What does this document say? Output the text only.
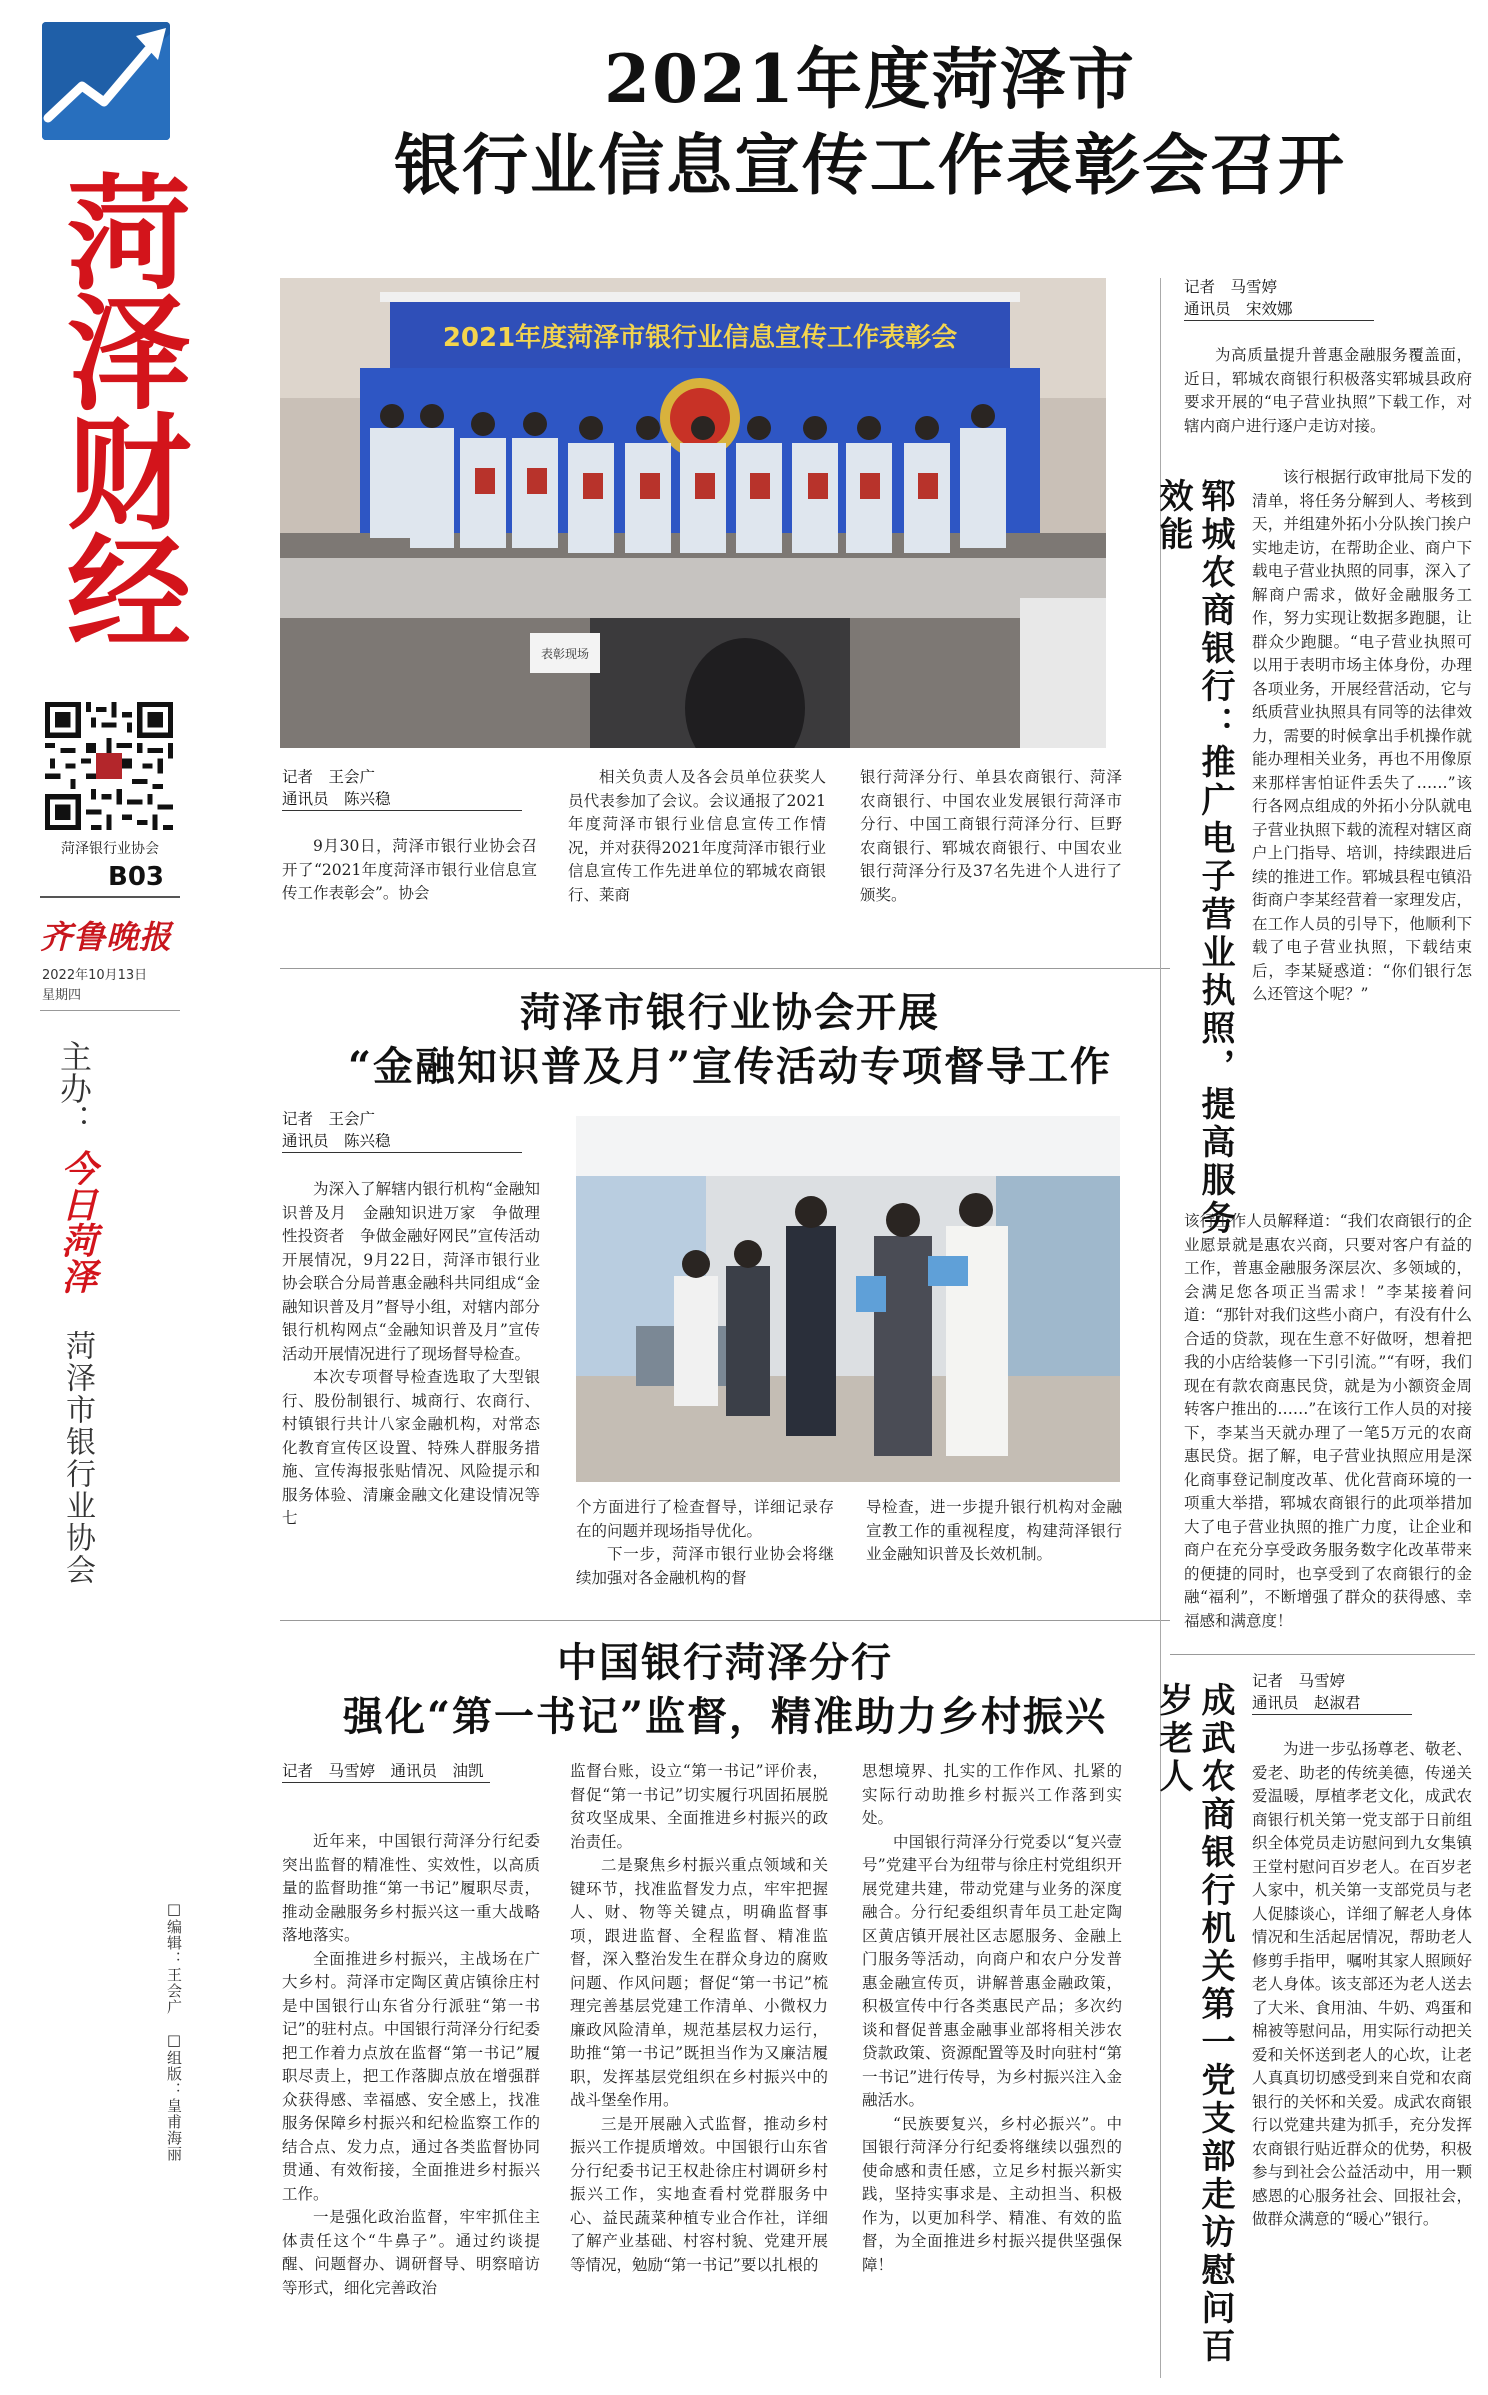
菏泽财经
菏泽银行业协会
B03
齐鲁晚报
2022年10月13日
星期四
主办：
今日菏泽
菏泽市银行业协会
2021年度菏泽市
银行业信息宣传工作表彰会召开
2021年度菏泽市银行业信息宣传工作表彰会
表彰现场
记者　王会广
通讯员　陈兴稳

9月30日，菏泽市银行业协会召开了“2021年度菏泽市银行业信息宣传工作表彰会”。协会

相关负责人及各会员单位获奖人员代表参加了会议。会议通报了2021年度菏泽市银行业信息宣传工作情况，并对获得2021年度菏泽市银行业信息宣传工作先进单位的郓城农商银行、莱商

银行菏泽分行、单县农商银行、菏泽农商银行、中国农业发展银行菏泽市分行、中国工商银行菏泽分行、巨野农商银行、郓城农商银行、中国农业银行菏泽分行及37名先进个人进行了颁奖。

菏泽市银行业协会开展
“金融知识普及月”宣传活动专项督导工作
记者　王会广
通讯员　陈兴稳

为深入了解辖内银行机构“金融知识普及月　金融知识进万家　争做理性投资者　争做金融好网民”宣传活动开展情况，9月22日，菏泽市银行业协会联合分局普惠金融科共同组成“金融知识普及月”督导小组，对辖内部分银行机构网点“金融知识普及月”宣传活动开展情况进行了现场督导检查。

本次专项督导检查选取了大型银行、股份制银行、城商行、农商行、村镇银行共计八家金融机构，对常态化教育宣传区设置、特殊人群服务措施、宣传海报张贴情况、风险提示和服务体验、清廉金融文化建设情况等七

个方面进行了检查督导，详细记录存在的问题并现场指导优化。

下一步，菏泽市银行业协会将继续加强对各金融机构的督

导检查，进一步提升银行机构对金融宣教工作的重视程度，构建菏泽银行业金融知识普及长效机制。

中国银行菏泽分行
强化“第一书记”监督，精准助力乡村振兴
记者　马雪婷　通讯员　油凯

近年来，中国银行菏泽分行纪委突出监督的精准性、实效性，以高质量的监督助推“第一书记”履职尽责，推动金融服务乡村振兴这一重大战略落地落实。

全面推进乡村振兴，主战场在广大乡村。菏泽市定陶区黄店镇徐庄村是中国银行山东省分行派驻“第一书记”的驻村点。中国银行菏泽分行纪委把工作着力点放在监督“第一书记”履职尽责上，把工作落脚点放在增强群众获得感、幸福感、安全感上，找准服务保障乡村振兴和纪检监察工作的结合点、发力点，通过各类监督协同贯通、有效衔接，全面推进乡村振兴工作。

一是强化政治监督，牢牢抓住主体责任这个“牛鼻子”。通过约谈提醒、问题督办、调研督导、明察暗访等形式，细化完善政治

监督台账，设立“第一书记”评价表，督促“第一书记”切实履行巩固拓展脱贫攻坚成果、全面推进乡村振兴的政治责任。

二是聚焦乡村振兴重点领域和关键环节，找准监督发力点，牢牢把握人、财、物等关键点，明确监督事项，跟进监督、全程监督、精准监督，深入整治发生在群众身边的腐败问题、作风问题；督促“第一书记”梳理完善基层党建工作清单、小微权力廉政风险清单，规范基层权力运行，助推“第一书记”既担当作为又廉洁履职，发挥基层党组织在乡村振兴中的战斗堡垒作用。

三是开展融入式监督，推动乡村振兴工作提质增效。中国银行山东省分行纪委书记王权赴徐庄村调研乡村振兴工作，实地查看村党群服务中心、益民蔬菜种植专业合作社，详细了解产业基础、村容村貌、党建开展等情况，勉励“第一书记”要以扎根的

思想境界、扎实的工作作风、扎紧的实际行动助推乡村振兴工作落到实处。

中国银行菏泽分行党委以“复兴壹号”党建平台为纽带与徐庄村党组织开展党建共建，带动党建与业务的深度融合。分行纪委组织青年员工赴定陶区黄店镇开展社区志愿服务、金融上门服务等活动，向商户和农户分发普惠金融宣传页，讲解普惠金融政策，积极宣传中行各类惠民产品；多次约谈和督促普惠金融事业部将相关涉农贷款政策、资源配置等及时向驻村“第一书记”进行传导，为乡村振兴注入金融活水。

“民族要复兴，乡村必振兴”。中国银行菏泽分行纪委将继续以强烈的使命感和责任感，立足乡村振兴新实践，坚持实事求是、主动担当、积极作为，以更加科学、精准、有效的监督，为全面推进乡村振兴提供坚强保障！

□编辑：王会广　□组版：皇甫海丽
记者　马雪婷
通讯员　宋效娜

为高质量提升普惠金融服务覆盖面，近日，郓城农商银行积极落实郓城县政府要求开展的“电子营业执照”下载工作，对辖内商户进行逐户走访对接。

郓城农商银行：推广电子营业执照，提高服务效能

该行根据行政审批局下发的清单，将任务分解到人、考核到天，并组建外拓小分队挨门挨户实地走访，在帮助企业、商户下载电子营业执照的同事，深入了解商户需求，做好金融服务工作，努力实现让数据多跑腿，让群众少跑腿。“电子营业执照可以用于表明市场主体身份，办理各项业务，开展经营活动，它与纸质营业执照具有同等的法律效力，需要的时候拿出手机操作就能办理相关业务，再也不用像原来那样害怕证件丢失了……”该行各网点组成的外拓小分队就电子营业执照下载的流程对辖区商户上门指导、培训，持续跟进后续的推进工作。郓城县程屯镇沿街商户李某经营着一家理发店，在工作人员的引导下，他顺利下载了电子营业执照，下载结束后，李某疑惑道：“你们银行怎么还管这个呢？”

该行工作人员解释道：“我们农商银行的企业愿景就是惠农兴商，只要对客户有益的工作，普惠金融服务深层次、多领域的，会满足您各项正当需求！”李某接着问道：“那针对我们这些小商户，有没有什么合适的贷款，现在生意不好做呀，想着把我的小店给装修一下引引流。”“有呀，我们现在有款农商惠民贷，就是为小额资金周转客户推出的……”在该行工作人员的对接下，李某当天就办理了一笔5万元的农商惠民贷。据了解，电子营业执照应用是深化商事登记制度改革、优化营商环境的一项重大举措，郓城农商银行的此项举措加大了电子营业执照的推广力度，让企业和商户在充分享受政务服务数字化改革带来的便捷的同时，也享受到了农商银行的金融“福利”，不断增强了群众的获得感、幸福感和满意度！

记者　马雪婷
通讯员　赵淑君
成武农商银行机关第一党支部走访慰问百岁老人	为进一步弘扬尊老、敬老、爱老、助老的传统美德，传递关爱温暖，厚植孝老文化，成武农商银行机关第一党支部于日前组织全体党员走访慰问到九女集镇王堂村慰问百岁老人。在百岁老人家中，机关第一支部党员与老人促膝谈心，详细了解老人身体情况和生活起居情况，帮助老人修剪手指甲，嘱咐其家人照顾好老人身体。该支部还为老人送去了大米、食用油、牛奶、鸡蛋和棉被等慰问品，用实际行动把关爱和关怀送到老人的心坎，让老人真真切切感受到来自党和农商银行的关怀和关爱。成武农商银行以党建共建为抓手，充分发挥农商银行贴近群众的优势，积极参与到社会公益活动中，用一颗感恩的心服务社会、回报社会，做群众满意的“暖心”银行。
